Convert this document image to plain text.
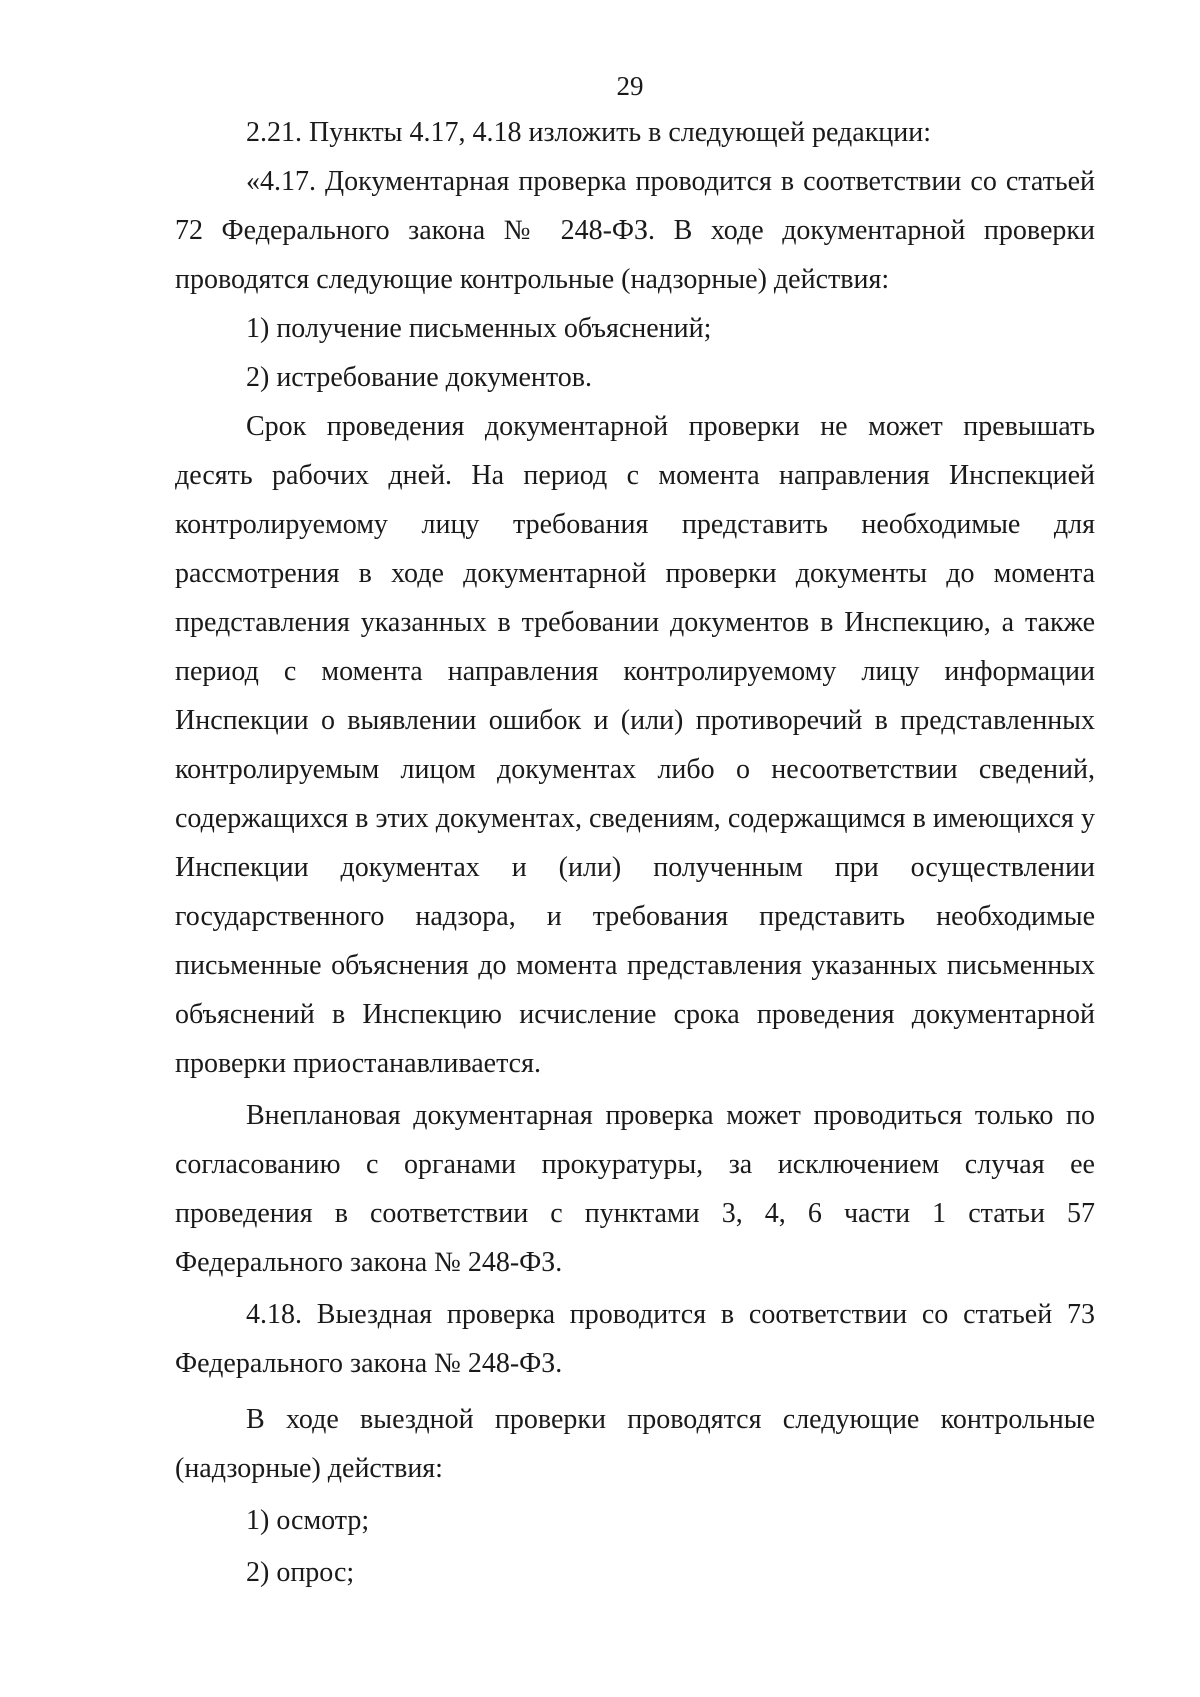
29

2.21. Пункты 4.17, 4.18 изложить в следующей редакции:

«4.17. Документарная проверка проводится в соответствии со статьей 72 Федерального закона № 248-ФЗ. В ходе документарной проверки проводятся следующие контрольные (надзорные) действия:

1) получение письменных объяснений;

2) истребование документов.

Срок проведения документарной проверки не может превышать десять рабочих дней. На период с момента направления Инспекцией контролируемому лицу требования представить необходимые для рассмотрения в ходе документарной проверки документы до момента представления указанных в требовании документов в Инспекцию, а также период с момента направления контролируемому лицу информации Инспекции о выявлении ошибок и (или) противоречий в представленных контролируемым лицом документах либо о несоответствии сведений, содержащихся в этих документах, сведениям, содержащимся в имеющихся у Инспекции документах и (или) полученным при осуществлении государственного надзора, и требования представить необходимые письменные объяснения до момента представления указанных письменных объяснений в Инспекцию исчисление срока проведения документарной проверки приостанавливается.

Внеплановая документарная проверка может проводиться только по согласованию с органами прокуратуры, за исключением случая ее проведения в соответствии с пунктами 3, 4, 6 части 1 статьи 57 Федерального закона № 248-ФЗ.

4.18. Выездная проверка проводится в соответствии со статьей 73 Федерального закона № 248-ФЗ.

В ходе выездной проверки проводятся следующие контрольные (надзорные) действия:

1) осмотр;

2) опрос;
